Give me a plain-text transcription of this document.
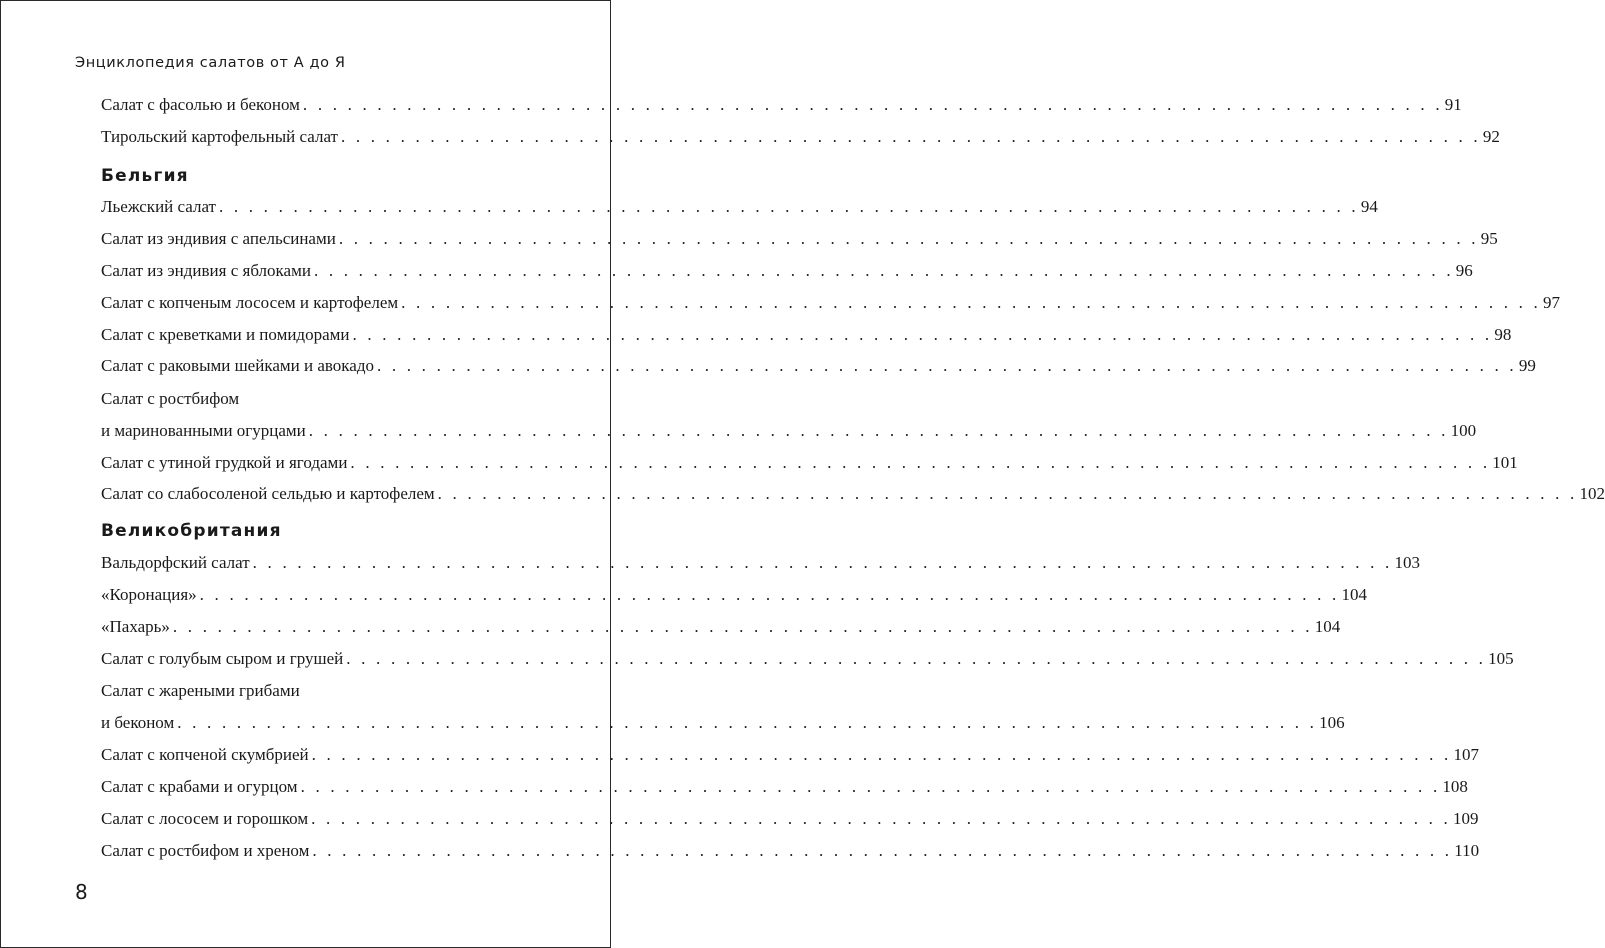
Энциклопедия салатов от А до Я
Салат с фасолью и беконом . . . . . . . . . . . . . . . . . . . . . . . . . . . . . . . . . . . . . . . . . . . . . . . . . . . . . . . . . . . . . . . . . . . . . . . . . . . . . 91
Тирольский картофельный салат . . . . . . . . . . . . . . . . . . . . . . . . . . . . . . . . . . . . . . . . . . . . . . . . . . . . . . . . . . . . . . . . . . . . . . . . . . . . . 92
Бельгия
Льежский салат . . . . . . . . . . . . . . . . . . . . . . . . . . . . . . . . . . . . . . . . . . . . . . . . . . . . . . . . . . . . . . . . . . . . . . . . . . . . . 94
Салат из эндивия с апельсинами . . . . . . . . . . . . . . . . . . . . . . . . . . . . . . . . . . . . . . . . . . . . . . . . . . . . . . . . . . . . . . . . . . . . . . . . . . . . . 95
Салат из эндивия с яблоками . . . . . . . . . . . . . . . . . . . . . . . . . . . . . . . . . . . . . . . . . . . . . . . . . . . . . . . . . . . . . . . . . . . . . . . . . . . . . 96
Салат с копченым лососем и картофелем . . . . . . . . . . . . . . . . . . . . . . . . . . . . . . . . . . . . . . . . . . . . . . . . . . . . . . . . . . . . . . . . . . . . . . . . . . . . . 97
Салат с креветками и помидорами . . . . . . . . . . . . . . . . . . . . . . . . . . . . . . . . . . . . . . . . . . . . . . . . . . . . . . . . . . . . . . . . . . . . . . . . . . . . . 98
Салат с раковыми шейками и авокадо . . . . . . . . . . . . . . . . . . . . . . . . . . . . . . . . . . . . . . . . . . . . . . . . . . . . . . . . . . . . . . . . . . . . . . . . . . . . . 99
Салат с ростбифом
и маринованными огурцами . . . . . . . . . . . . . . . . . . . . . . . . . . . . . . . . . . . . . . . . . . . . . . . . . . . . . . . . . . . . . . . . . . . . . . . . . . . . . 100
Салат с утиной грудкой и ягодами . . . . . . . . . . . . . . . . . . . . . . . . . . . . . . . . . . . . . . . . . . . . . . . . . . . . . . . . . . . . . . . . . . . . . . . . . . . . . 101
Салат со слабосоленой сельдью и картофелем . . . . . . . . . . . . . . . . . . . . . . . . . . . . . . . . . . . . . . . . . . . . . . . . . . . . . . . . . . . . . . . . . . . . . . . . . . . . . 102
Великобритания
Вальдорфский салат . . . . . . . . . . . . . . . . . . . . . . . . . . . . . . . . . . . . . . . . . . . . . . . . . . . . . . . . . . . . . . . . . . . . . . . . . . . . . 103
«Коронация» . . . . . . . . . . . . . . . . . . . . . . . . . . . . . . . . . . . . . . . . . . . . . . . . . . . . . . . . . . . . . . . . . . . . . . . . . . . . . 104
«Пахарь» . . . . . . . . . . . . . . . . . . . . . . . . . . . . . . . . . . . . . . . . . . . . . . . . . . . . . . . . . . . . . . . . . . . . . . . . . . . . . 104
Салат с голубым сыром и грушей . . . . . . . . . . . . . . . . . . . . . . . . . . . . . . . . . . . . . . . . . . . . . . . . . . . . . . . . . . . . . . . . . . . . . . . . . . . . . 105
Салат с жареными грибами
и беконом . . . . . . . . . . . . . . . . . . . . . . . . . . . . . . . . . . . . . . . . . . . . . . . . . . . . . . . . . . . . . . . . . . . . . . . . . . . . . 106
Салат с копченой скумбрией . . . . . . . . . . . . . . . . . . . . . . . . . . . . . . . . . . . . . . . . . . . . . . . . . . . . . . . . . . . . . . . . . . . . . . . . . . . . . 107
Салат с крабами и огурцом . . . . . . . . . . . . . . . . . . . . . . . . . . . . . . . . . . . . . . . . . . . . . . . . . . . . . . . . . . . . . . . . . . . . . . . . . . . . . 108
Салат с лососем и горошком . . . . . . . . . . . . . . . . . . . . . . . . . . . . . . . . . . . . . . . . . . . . . . . . . . . . . . . . . . . . . . . . . . . . . . . . . . . . . 109
Салат с ростбифом и хреном . . . . . . . . . . . . . . . . . . . . . . . . . . . . . . . . . . . . . . . . . . . . . . . . . . . . . . . . . . . . . . . . . . . . . . . . . . . . . 110
8
